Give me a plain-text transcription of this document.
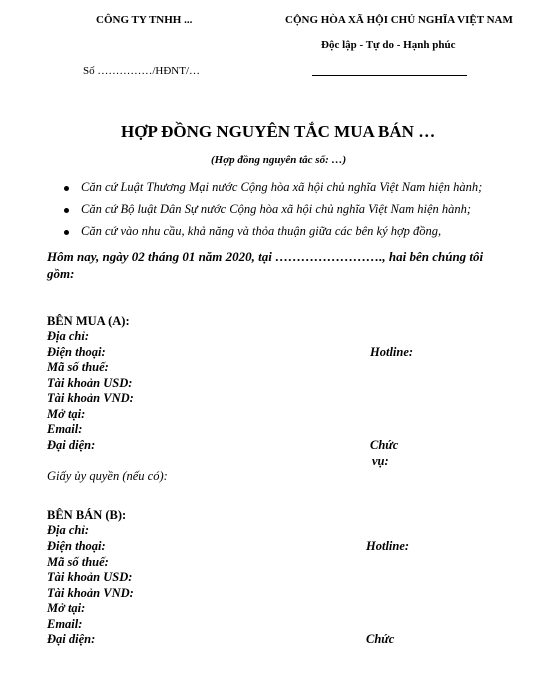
CÔNG TY TNHH ...	CỘNG HÒA XÃ HỘI CHỦ NGHĨA VIỆT NAM
Độc lập - Tự do - Hạnh phúc
Số ……………/HĐNT/…
HỢP ĐỒNG NGUYÊN TẮC MUA BÁN …
(Hợp đồng nguyên tắc số: …)
Căn cứ Luật Thương Mại nước Cộng hòa xã hội chủ nghĩa Việt Nam hiện hành;
Căn cứ Bộ luật Dân Sự nước Cộng hòa xã hội chủ nghĩa Việt Nam hiện hành;
Căn cứ vào nhu cầu, khả năng và thỏa thuận giữa các bên ký hợp đồng,
Hôm nay, ngày 02 tháng 01 năm 2020, tại ……………………., hai bên chúng tôi
gồm:
BÊN MUA (A):
Địa chỉ:
Điện thoại:	Hotline:
Mã số thuế:
Tài khoản USD:
Tài khoản VND:
Mở tại:
Email:
Đại diện:	Chức
vụ:
Giấy ủy quyền (nếu có):
BÊN BÁN (B):
Địa chỉ:
Điện thoại:	Hotline:
Mã số thuế:
Tài khoản USD:
Tài khoản VND:
Mở tại:
Email:
Đại diện:	Chức
